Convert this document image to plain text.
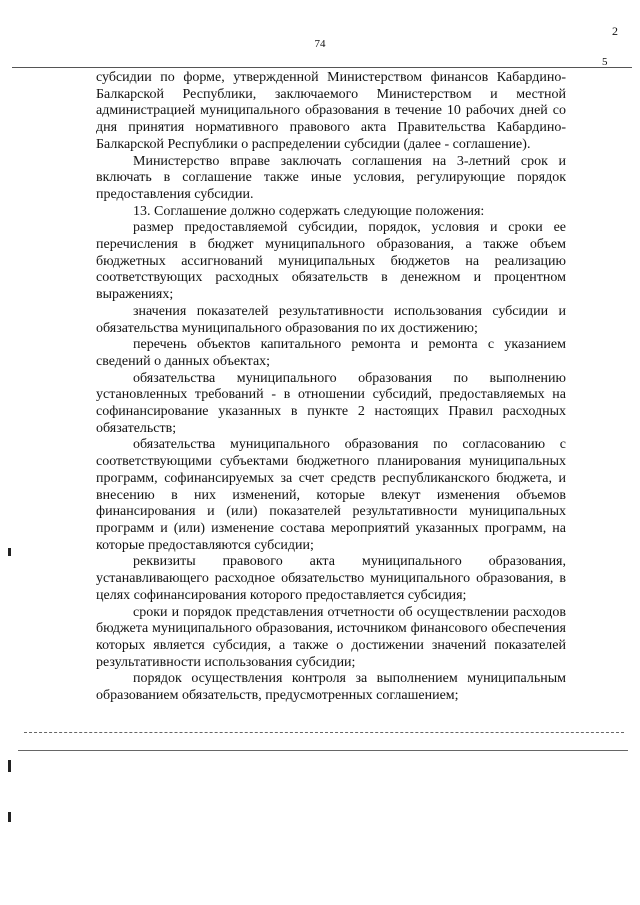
74
2
5

субсидии по форме, утвержденной Министерством финансов Кабардино-Балкарской Республики, заключаемого Министерством и местной администрацией муниципального образования в течение 10 рабочих дней со дня принятия нормативного правового акта Правительства Кабардино-Балкарской Республики о распределении субсидии (далее - соглашение).

Министерство вправе заключать соглашения на 3-летний срок и включать в соглашение также иные условия, регулирующие порядок предоставления субсидии.

13. Соглашение должно содержать следующие положения:

размер предоставляемой субсидии, порядок, условия и сроки ее перечисления в бюджет муниципального образования, а также объем бюджетных ассигнований муниципальных бюджетов на реализацию соответствующих расходных обязательств в денежном и процентном выражениях;

значения показателей результативности использования субсидии и обязательства муниципального образования по их достижению;

перечень объектов капитального ремонта и ремонта с указанием сведений о данных объектах;

обязательства муниципального образования по выполнению установленных требований - в отношении субсидий, предоставляемых на софинансирование указанных в пункте 2 настоящих Правил расходных обязательств;

обязательства муниципального образования по согласованию с соответствующими субъектами бюджетного планирования муниципальных программ, софинансируемых за счет средств республиканского бюджета, и внесению в них изменений, которые влекут изменения объемов финансирования и (или) показателей результативности муниципальных программ и (или) изменение состава мероприятий указанных программ, на которые предоставляются субсидии;

реквизиты правового акта муниципального образования, устанавливающего расходное обязательство муниципального образования, в целях софинансирования которого предоставляется субсидия;

сроки и порядок представления отчетности об осуществлении расходов бюджета муниципального образования, источником финансового обеспечения которых является субсидия, а также о достижении значений показателей результативности использования субсидии;

порядок осуществления контроля за выполнением муниципальным образованием обязательств, предусмотренных соглашением;
